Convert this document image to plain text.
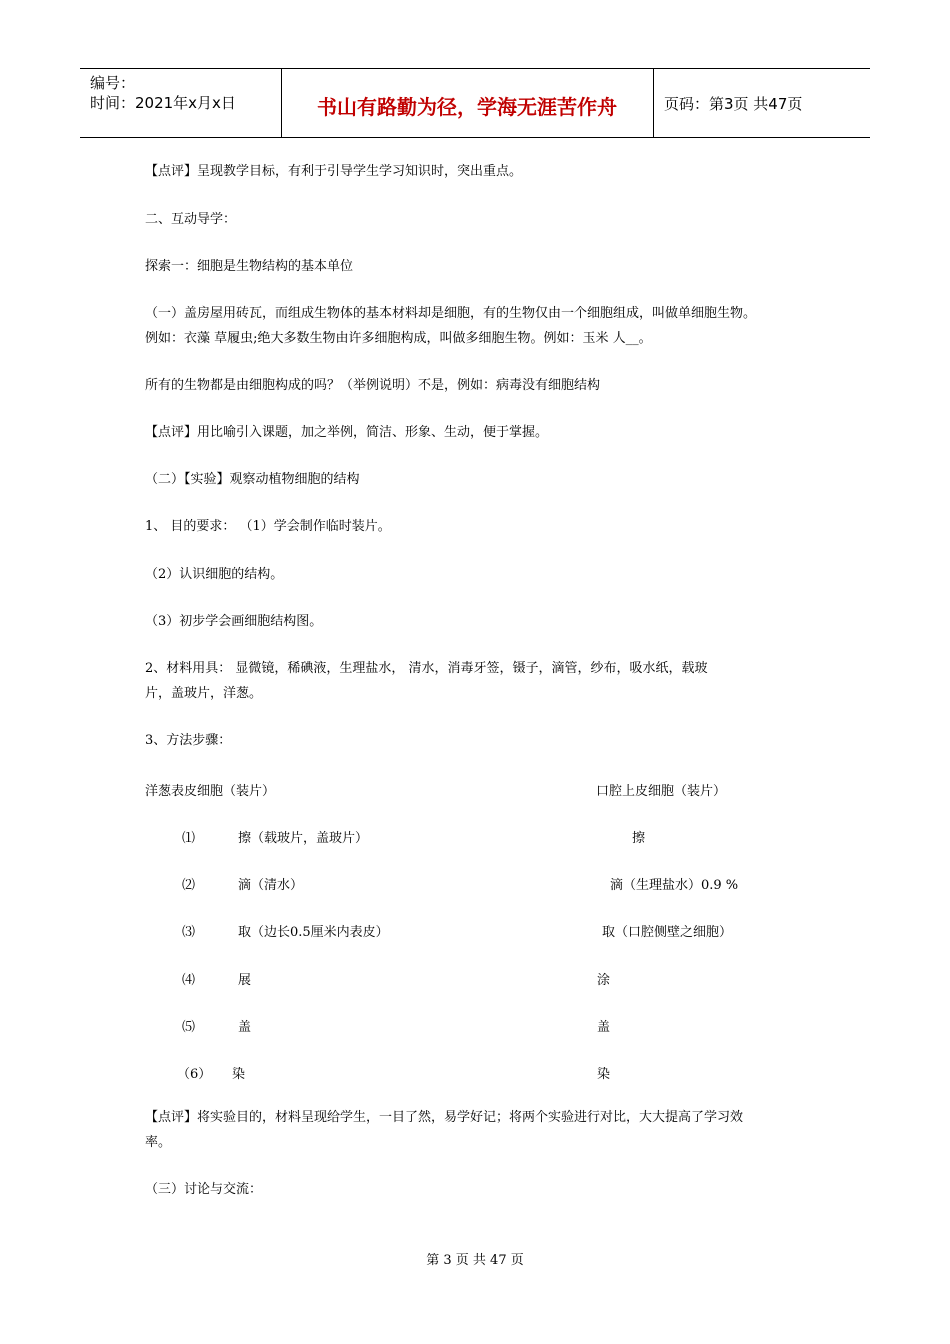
编号：
时间：2021年x月x日	书山有路勤为径，学海无涯苦作舟	页码：第3页 共47页
【点评】呈现教学目标，有利于引导学生学习知识时，突出重点。
二、互动导学：
探索一：细胞是生物结构的基本单位
（一）盖房屋用砖瓦，而组成生物体的基本材料却是细胞，有的生物仅由一个细胞组成，叫做单细胞生物。
例如：衣藻 草履虫;绝大多数生物由许多细胞构成，叫做多细胞生物。例如：玉米 人__。
所有的生物都是由细胞构成的吗？（举例说明）不是，例如：病毒没有细胞结构
【点评】用比喻引入课题，加之举例，简洁、形象、生动，便于掌握。
（二）【实验】观察动植物细胞的结构
1、 目的要求： （1）学会制作临时装片。
（2）认识细胞的结构。
（3）初步学会画细胞结构图。
2、材料用具： 显微镜，稀碘液，生理盐水， 清水，消毒牙签，镊子，滴管，纱布，吸水纸，载玻
片，盖玻片，洋葱。
3、方法步骤：
洋葱表皮细胞（装片）	口腔上皮细胞（装片）
⑴	擦（载玻片，盖玻片）	擦
⑵	滴（清水）	滴（生理盐水）0.9 %
⑶	取（边长0.5厘米内表皮）	取（口腔侧壁之细胞）
⑷	展	涂
⑸	盖	盖
（6） 染	染
【点评】将实验目的，材料呈现给学生，一目了然，易学好记；将两个实验进行对比，大大提高了学习效
率。
（三）讨论与交流：
第 3 页 共 47 页
